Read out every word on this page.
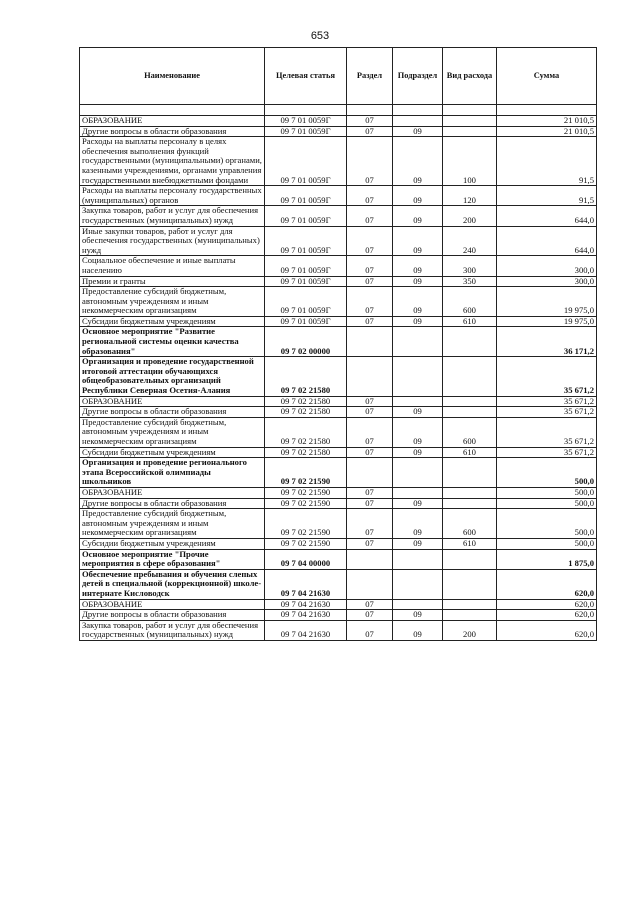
653
Наименование	Целевая статья	Раздел	Подраздел	Вид расхода	Сумма

ОБРАЗОВАНИЕ	09 7 01 0059Г	07			21 010,5
Другие вопросы в области образования	09 7 01 0059Г	07	09		21 010,5
Расходы на выплаты персоналу в целях обеспечения выполнения функций государственными (муниципальными) органами, казенными учреждениями, органами управления государственными внебюджетными фондами	09 7 01 0059Г	07	09	100	91,5
Расходы на выплаты персоналу государственных (муниципальных) органов	09 7 01 0059Г	07	09	120	91,5
Закупка товаров, работ и услуг для обеспечения государственных (муниципальных) нужд	09 7 01 0059Г	07	09	200	644,0
Иные закупки товаров, работ и услуг для обеспечения государственных (муниципальных) нужд	09 7 01 0059Г	07	09	240	644,0
Социальное обеспечение и иные выплаты населению	09 7 01 0059Г	07	09	300	300,0
Премии и гранты	09 7 01 0059Г	07	09	350	300,0
Предоставление субсидий бюджетным, автономным учреждениям и иным некоммерческим организациям	09 7 01 0059Г	07	09	600	19 975,0
Субсидии бюджетным учреждениям	09 7 01 0059Г	07	09	610	19 975,0
Основное мероприятие "Развитие региональной системы оценки качества образования"	09 7 02 00000				36 171,2
Организация и проведение государственной итоговой аттестации обучающихся общеобразовательных организаций Республики Северная Осетия-Алания	09 7 02 21580				35 671,2
ОБРАЗОВАНИЕ	09 7 02 21580	07			35 671,2
Другие вопросы в области образования	09 7 02 21580	07	09		35 671,2
Предоставление субсидий бюджетным, автономным учреждениям и иным некоммерческим организациям	09 7 02 21580	07	09	600	35 671,2
Субсидии бюджетным учреждениям	09 7 02 21580	07	09	610	35 671,2
Организация и проведение регионального этапа Всероссийской олимпиады школьников	09 7 02 21590				500,0
ОБРАЗОВАНИЕ	09 7 02 21590	07			500,0
Другие вопросы в области образования	09 7 02 21590	07	09		500,0
Предоставление субсидий бюджетным, автономным учреждениям и иным некоммерческим организациям	09 7 02 21590	07	09	600	500,0
Субсидии бюджетным учреждениям	09 7 02 21590	07	09	610	500,0
Основное мероприятие "Прочие мероприятия в сфере образования"	09 7 04 00000				1 875,0
Обеспечение пребывания и обучения слепых детей в специальной (коррекционной) школе-интернате Кисловодск	09 7 04 21630				620,0
ОБРАЗОВАНИЕ	09 7 04 21630	07			620,0
Другие вопросы в области образования	09 7 04 21630	07	09		620,0
Закупка товаров, работ и услуг для обеспечения государственных (муниципальных) нужд	09 7 04 21630	07	09	200	620,0
